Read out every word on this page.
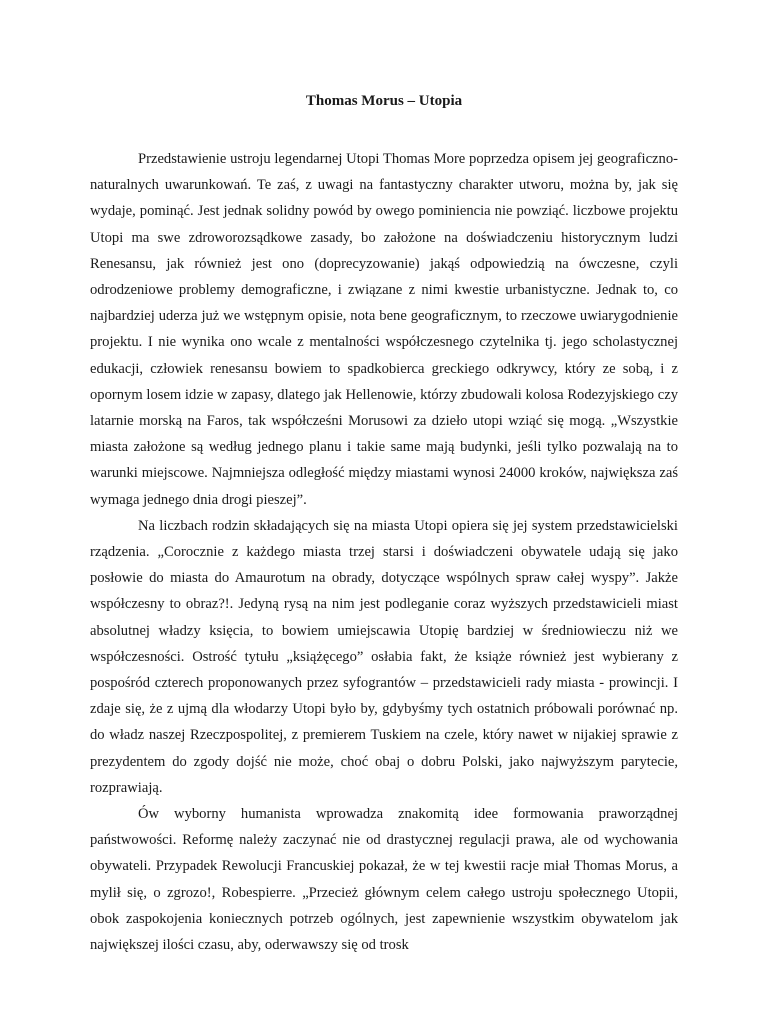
Thomas Morus – Utopia

Przedstawienie ustroju legendarnej Utopi Thomas More poprzedza opisem jej geograficzno-naturalnych uwarunkowań. Te zaś, z uwagi na fantastyczny charakter utworu, można by, jak się wydaje, pominąć. Jest jednak solidny powód by owego pominiencia nie powziąć. liczbowe projektu Utopi ma swe zdroworozsądkowe zasady, bo założone na doświadczeniu historycznym ludzi Renesansu, jak również jest ono (doprecyzowanie) jakąś odpowiedzią na ówczesne, czyli odrodzeniowe problemy demograficzne, i związane z nimi kwestie urbanistyczne. Jednak to, co najbardziej uderza już we wstępnym opisie, nota bene geograficznym, to rzeczowe uwiarygodnienie projektu. I nie wynika ono wcale z mentalności współczesnego czytelnika tj. jego scholastycznej edukacji, człowiek renesansu bowiem to spadkobierca greckiego odkrywcy, który ze sobą, i z opornym losem idzie w zapasy, dlatego jak Hellenowie, którzy zbudowali kolosa Rodezyjskiego czy latarnie morską na Faros, tak współcześni Morusowi za dzieło utopi wziąć się mogą. „Wszystkie miasta założone są według jednego planu i takie same mają budynki, jeśli tylko pozwalają na to warunki miejscowe. Najmniejsza odległość między miastami wynosi 24000 kroków, największa zaś wymaga jednego dnia drogi pieszej”.

Na liczbach rodzin składających się na miasta Utopi opiera się jej system przedstawicielski rządzenia. „Corocznie z każdego miasta trzej starsi i doświadczeni obywatele udają się jako posłowie do miasta do Amaurotum na obrady, dotyczące wspólnych spraw całej wyspy”. Jakże współczesny to obraz?!. Jedyną rysą na nim jest podleganie coraz wyższych przedstawicieli miast absolutnej władzy księcia, to bowiem umiejscawia Utopię bardziej w średniowieczu niż we współczesności. Ostrość tytułu „książęcego” osłabia fakt, że książe również jest wybierany z pospośród czterech proponowanych przez syfograntów – przedstawicieli rady miasta - prowincji. I zdaje się, że z ujmą dla włodarzy Utopi było by, gdybyśmy tych ostatnich próbowali porównać np. do władz naszej Rzeczpospolitej, z premierem Tuskiem na czele, który nawet w nijakiej sprawie z prezydentem do zgody dojść nie może, choć obaj o dobru Polski, jako najwyższym parytecie, rozprawiają.

Ów wyborny humanista wprowadza znakomitą idee formowania praworządnej państwowości. Reformę należy zaczynać nie od drastycznej regulacji prawa, ale od wychowania obywateli. Przypadek Rewolucji Francuskiej pokazał, że w tej kwestii racje miał Thomas Morus, a mylił się, o zgrozo!, Robespierre. „Przecież głównym celem całego ustroju społecznego Utopii, obok zaspokojenia koniecznych potrzeb ogólnych, jest zapewnienie wszystkim obywatelom jak największej ilości czasu, aby, oderwawszy się od trosk
